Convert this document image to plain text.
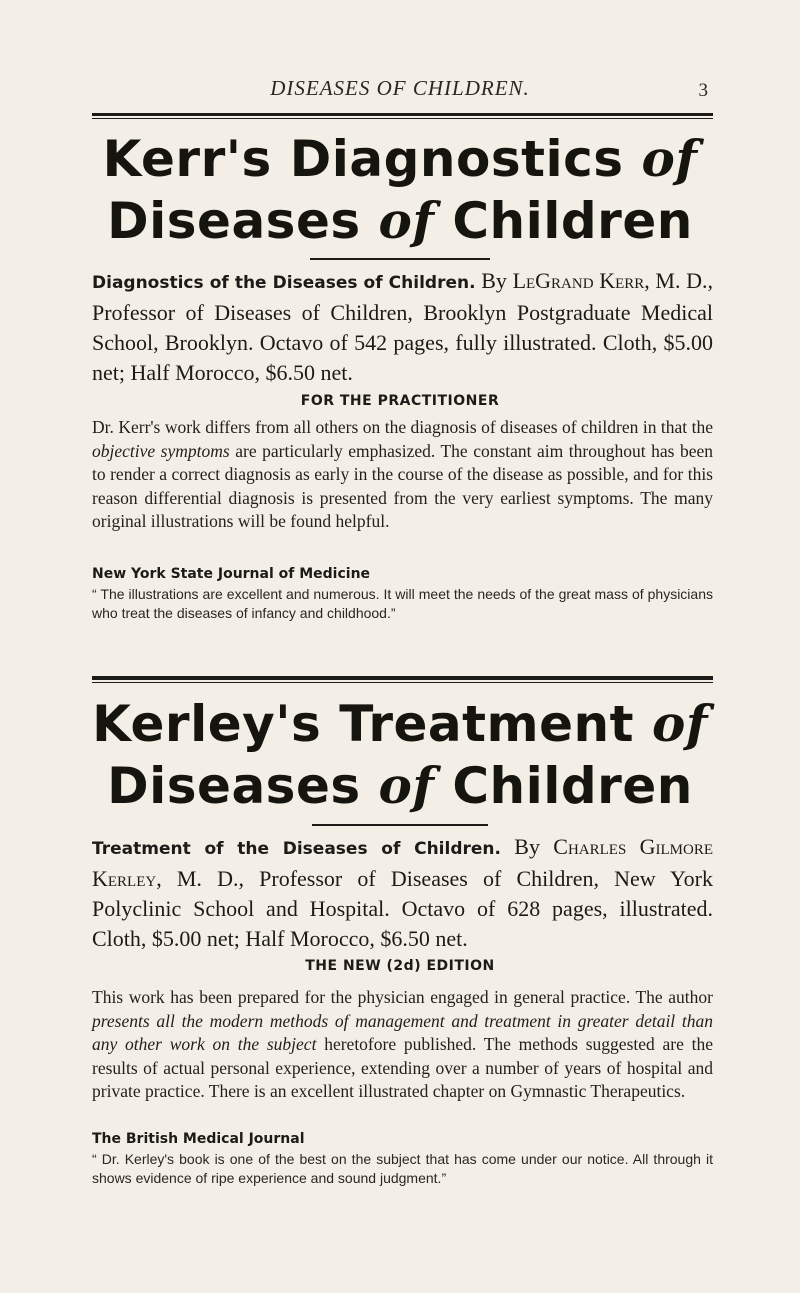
DISEASES OF CHILDREN.	3
Kerr's Diagnostics of
Diseases of Children
Diagnostics of the Diseases of Children. By LeGrand Kerr, M. D., Professor of Diseases of Children, Brooklyn Postgraduate Medical School, Brooklyn. Octavo of 542 pages, fully illustrated. Cloth, $5.00 net; Half Morocco, $6.50 net.
FOR THE PRACTITIONER
Dr. Kerr's work differs from all others on the diagnosis of diseases of children in that the objective symptoms are particularly emphasized. The constant aim throughout has been to render a correct diagnosis as early in the course of the disease as possible, and for this reason differential diagnosis is presented from the very earliest symptoms. The many original illustrations will be found helpful.
New York State Journal of Medicine
“ The illustrations are excellent and numerous. It will meet the needs of the great mass of physicians who treat the diseases of infancy and childhood.”
Kerley's Treatment of
Diseases of Children
Treatment of the Diseases of Children. By Charles Gilmore Kerley, M. D., Professor of Diseases of Children, New York Polyclinic School and Hospital. Octavo of 628 pages, illustrated. Cloth, $5.00 net; Half Morocco, $6.50 net.
THE NEW (2d) EDITION
This work has been prepared for the physician engaged in general practice. The author presents all the modern methods of management and treatment in greater detail than any other work on the subject heretofore published. The methods suggested are the results of actual personal experience, extending over a number of years of hospital and private practice. There is an excellent illustrated chapter on Gymnastic Therapeutics.
The British Medical Journal
“ Dr. Kerley's book is one of the best on the subject that has come under our notice. All through it shows evidence of ripe experience and sound judgment.”
